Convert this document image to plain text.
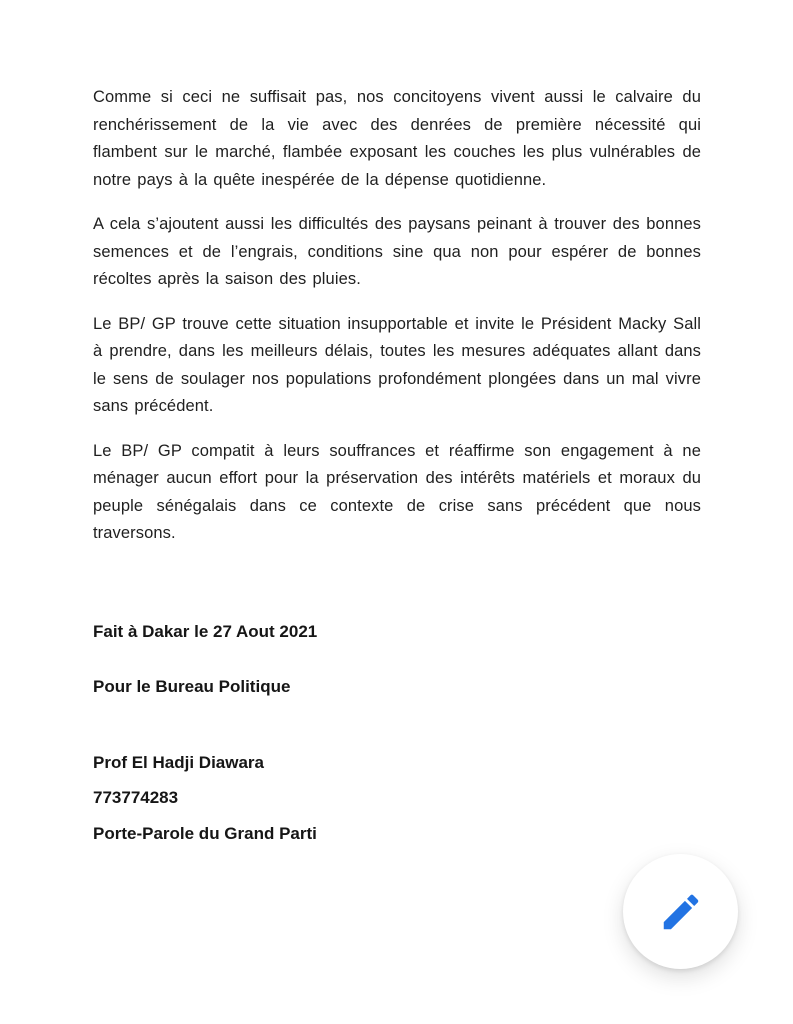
Comme si ceci ne suffisait pas, nos concitoyens vivent aussi le calvaire du renchérissement de la vie avec des denrées de première nécessité qui flambent sur le marché, flambée exposant les couches les plus vulnérables de notre pays à la quête inespérée de la dépense quotidienne.

A cela s’ajoutent aussi les difficultés des paysans peinant à trouver des bonnes semences et de l’engrais, conditions sine qua non pour espérer de bonnes récoltes après la saison des pluies.

Le BP/ GP trouve cette situation insupportable et invite le Président Macky Sall à prendre, dans les meilleurs délais, toutes les mesures adéquates allant dans le sens de soulager nos populations profondément plongées dans un mal vivre sans précédent.

Le BP/ GP compatit à leurs souffrances et réaffirme son engagement à ne ménager aucun effort pour la préservation des intérêts matériels et moraux du peuple sénégalais dans ce contexte de crise sans précédent que nous traversons.

Fait à Dakar le 27 Aout 2021
Pour le Bureau Politique
Prof El Hadji Diawara
773774283
Porte-Parole du Grand Parti
